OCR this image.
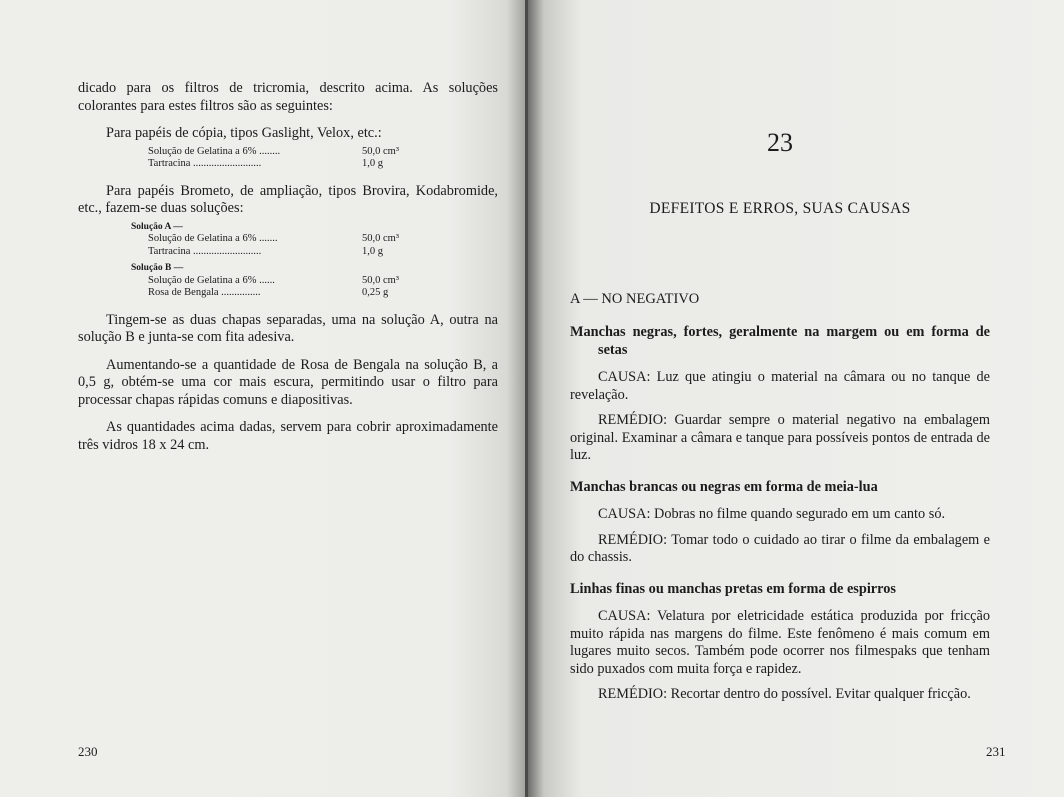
dicado para os filtros de tricromia, descrito acima. As soluções colorantes para estes filtros são as seguintes:

Para papéis de cópia, tipos Gaslight, Velox, etc.:

Solução de Gelatina a 6% ........	50,0 cm³
Tartracina ..........................	1,0 g

Para papéis Brometo, de ampliação, tipos Brovira, Kodabromide, etc., fazem-se duas soluções:

Solução A —
Solução de Gelatina a 6% .......	50,0 cm³
Tartracina ..........................	1,0 g
Solução B —
Solução de Gelatina a 6% ......	50,0 cm³
Rosa de Bengala ...............	0,25 g

Tingem-se as duas chapas separadas, uma na solução A, outra na solução B e junta-se com fita adesiva.

Aumentando-se a quantidade de Rosa de Bengala na solução B, a 0,5 g, obtém-se uma cor mais escura, permitindo usar o filtro para processar chapas rápidas comuns e diapositivas.

As quantidades acima dadas, servem para cobrir aproximadamente três vidros 18 x 24 cm.

230
23
DEFEITOS E ERROS, SUAS CAUSAS
A — NO NEGATIVO

Manchas negras, fortes, geralmente na margem ou em forma de setas

CAUSA: Luz que atingiu o material na câmara ou no tanque de revelação.

REMÉDIO: Guardar sempre o material negativo na embalagem original. Examinar a câmara e tanque para possíveis pontos de entrada de luz.

Manchas brancas ou negras em forma de meia-lua

CAUSA: Dobras no filme quando segurado em um canto só.

REMÉDIO: Tomar todo o cuidado ao tirar o filme da embalagem e do chassis.

Linhas finas ou manchas pretas em forma de espirros

CAUSA: Velatura por eletricidade estática produzida por fricção muito rápida nas margens do filme. Este fenômeno é mais comum em lugares muito secos. Também pode ocorrer nos filmespaks que tenham sido puxados com muita força e rapidez.

REMÉDIO: Recortar dentro do possível. Evitar qualquer fricção.

231
